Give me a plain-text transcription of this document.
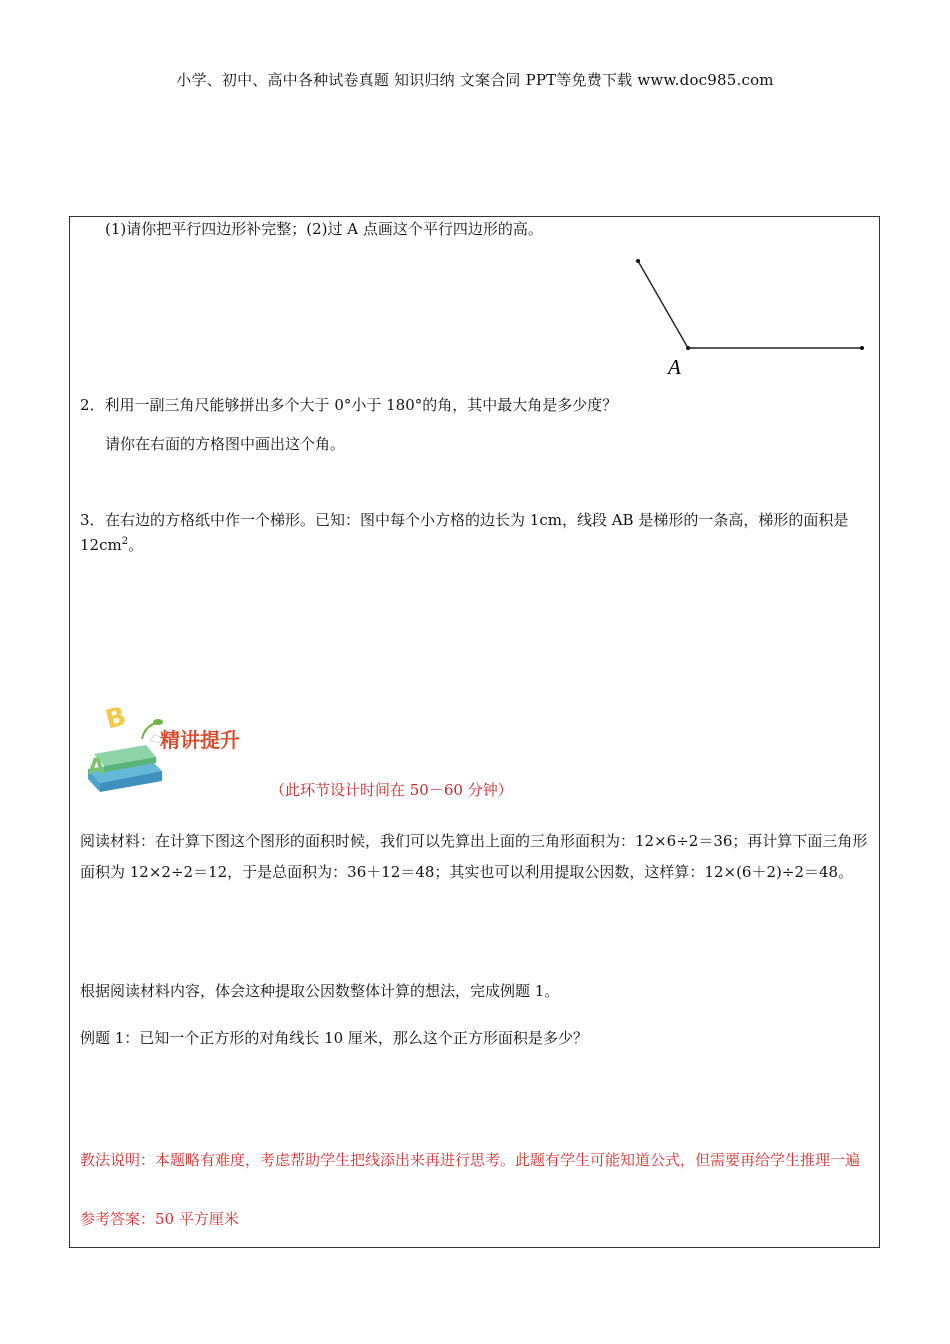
小学、初中、高中各种试卷真题 知识归纳 文案合同 PPT等免费下载 www.doc985.com

(1)请你把平行四边形补完整；(2)过 A 点画这个平行四边形的高。

A

2．利用一副三角尺能够拼出多个大于 0°小于 180°的角，其中最大角是多少度？

请你在右面的方格图中画出这个角。

3．在右边的方格纸中作一个梯形。已知：图中每个小方格的边长为 1cm，线段 AB 是梯形的一条高，梯形的面积是 $12cm^2$。

B
A
精讲提升
（此环节设计时间在 50－60 分钟）

阅读材料：在计算下图这个图形的面积时候，我们可以先算出上面的三角形面积为：12×6÷2＝36；再计算下面三角形面积为 12×2÷2＝12，于是总面积为：36＋12＝48；其实也可以利用提取公因数，这样算：12×(6＋2)÷2＝48。

根据阅读材料内容，体会这种提取公因数整体计算的想法，完成例题 1。

例题 1：已知一个正方形的对角线长 10 厘米，那么这个正方形面积是多少？

教法说明：本题略有难度，考虑帮助学生把线添出来再进行思考。此题有学生可能知道公式，但需要再给学生推理一遍

参考答案：50 平方厘米
